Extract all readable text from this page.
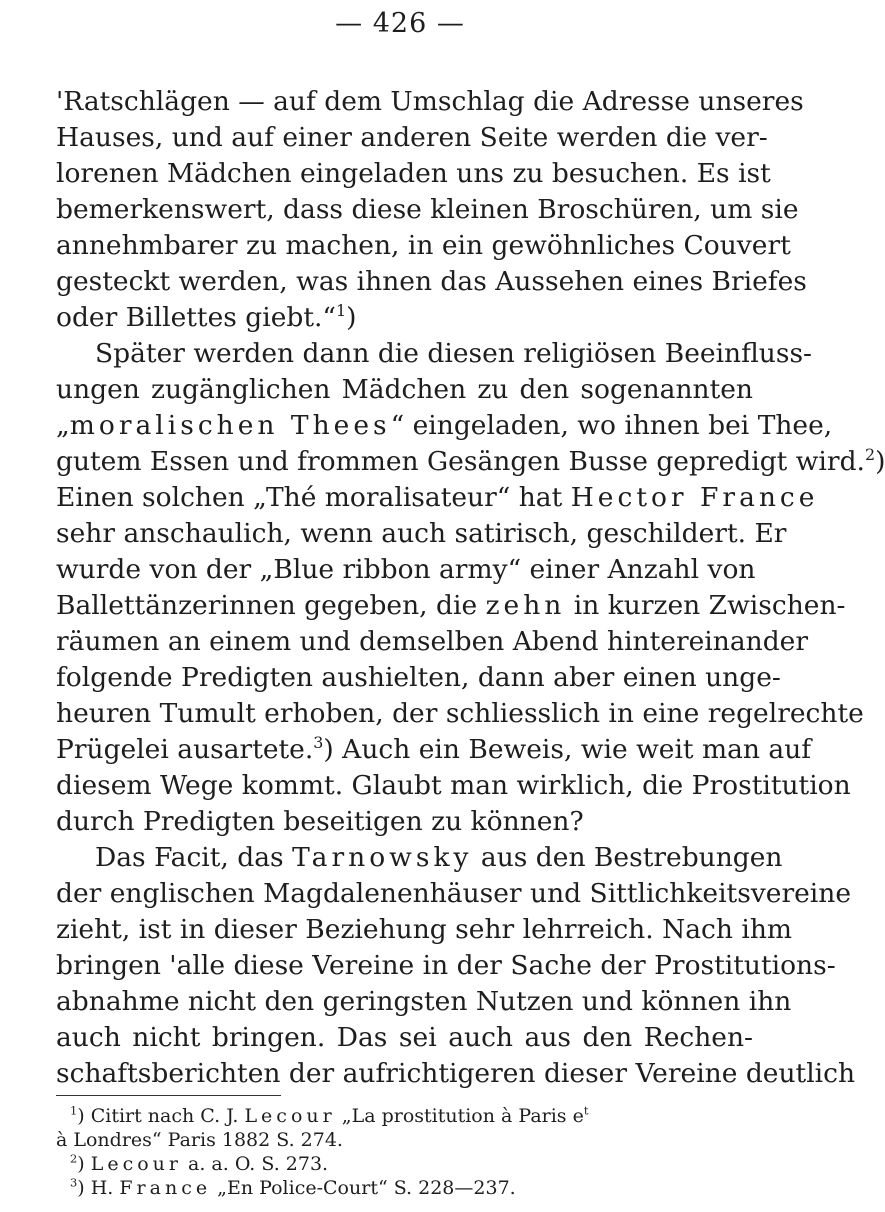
— 426 —
'Ratschlägen — auf dem Umschlag die Adresse unseres
Hauses, und auf einer anderen Seite werden die ver-
lorenen Mädchen eingeladen uns zu besuchen. Es ist
bemerkenswert, dass diese kleinen Broschüren, um sie
annehmbarer zu machen, in ein gewöhnliches Couvert
gesteckt werden, was ihnen das Aussehen eines Briefes
oder Billettes giebt.“$^1$)
Später werden dann die diesen religiösen Beeinfluss-
ungen zugänglichen Mädchen zu den sogenannten
„moralischen Thees“ eingeladen, wo ihnen bei Thee,
gutem Essen und frommen Gesängen Busse gepredigt wird.$^2$)
Einen solchen „Thé moralisateur“ hat Hector France
sehr anschaulich, wenn auch satirisch, geschildert. Er
wurde von der „Blue ribbon army“ einer Anzahl von
Ballettänzerinnen gegeben, die zehn in kurzen Zwischen-
räumen an einem und demselben Abend hintereinander
folgende Predigten aushielten, dann aber einen unge-
heuren Tumult erhoben, der schliesslich in eine regelrechte
Prügelei ausartete.$^3$) Auch ein Beweis, wie weit man auf
diesem Wege kommt. Glaubt man wirklich, die Prostitution
durch Predigten beseitigen zu können?
Das Facit, das Tarnowsky aus den Bestrebungen
der englischen Magdalenenhäuser und Sittlichkeitsvereine
zieht, ist in dieser Beziehung sehr lehrreich. Nach ihm
bringen 'alle diese Vereine in der Sache der Prostitutions-
abnahme nicht den geringsten Nutzen und können ihn
auch nicht bringen. Das sei auch aus den Rechen-
schaftsberichten der aufrichtigeren dieser Vereine deutlich
$^1$) Citirt nach C. J. Lecour „La prostitution à Paris $e^t$
à Londres“ Paris 1882 S. 274.
$^2$) Lecour a. a. O. S. 273.
$^3$) H. France „En Police-Court“ S. 228—237.
